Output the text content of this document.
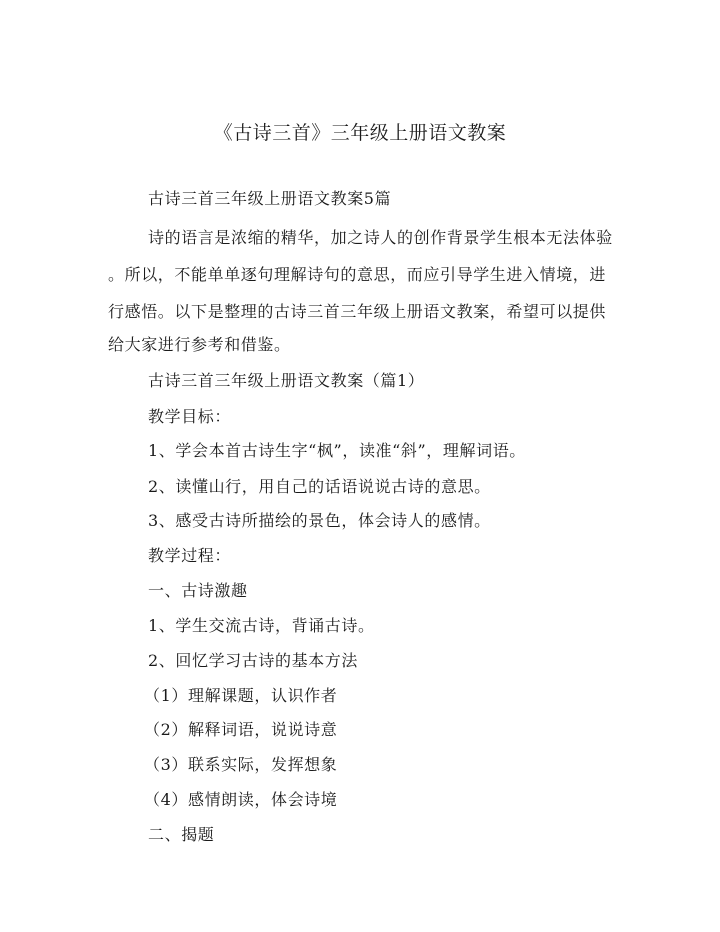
《古诗三首》三年级上册语文教案
古诗三首三年级上册语文教案5篇
诗的语言是浓缩的精华，加之诗人的创作背景学生根本无法体验
。所以，不能单单逐句理解诗句的意思，而应引导学生进入情境，进
行感悟。以下是整理的古诗三首三年级上册语文教案，希望可以提供
给大家进行参考和借鉴。
古诗三首三年级上册语文教案（篇1）
教学目标：
1、学会本首古诗生字“枫”，读准“斜”，理解词语。
2、读懂山行，用自己的话语说说古诗的意思。
3、感受古诗所描绘的景色，体会诗人的感情。
教学过程：
一、古诗激趣
1、学生交流古诗，背诵古诗。
2、回忆学习古诗的基本方法
（1）理解课题，认识作者
（2）解释词语，说说诗意
（3）联系实际，发挥想象
（4）感情朗读，体会诗境
二、揭题
